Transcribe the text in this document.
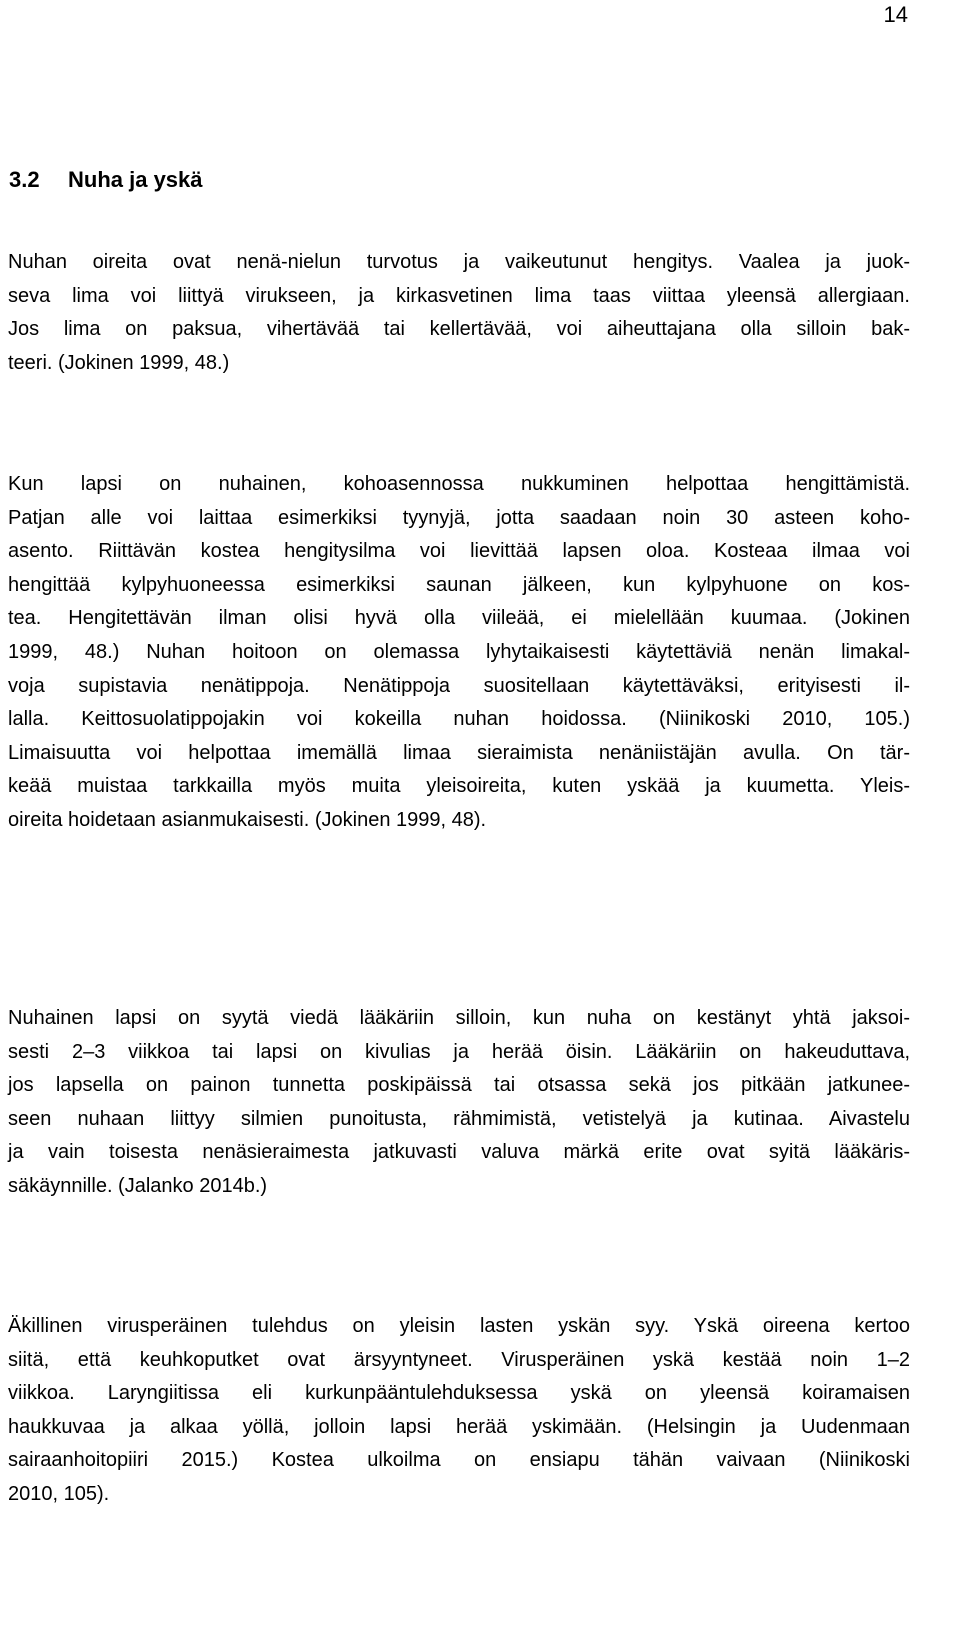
14
3.2 Nuha ja yskä
Nuhan oireita ovat nenä-nielun turvotus ja vaikeutunut hengitys. Vaalea ja juok-
seva lima voi liittyä virukseen, ja kirkasvetinen lima taas viittaa yleensä allergiaan.
Jos lima on paksua, vihertävää tai kellertävää, voi aiheuttajana olla silloin bak-
teeri. (Jokinen 1999, 48.)
Kun lapsi on nuhainen, kohoasennossa nukkuminen helpottaa hengittämistä.
Patjan alle voi laittaa esimerkiksi tyynyjä, jotta saadaan noin 30 asteen koho-
asento. Riittävän kostea hengitysilma voi lievittää lapsen oloa. Kosteaa ilmaa voi
hengittää kylpyhuoneessa esimerkiksi saunan jälkeen, kun kylpyhuone on kos-
tea. Hengitettävän ilman olisi hyvä olla viileää, ei mielellään kuumaa. (Jokinen
1999, 48.) Nuhan hoitoon on olemassa lyhytaikaisesti käytettäviä nenän limakal-
voja supistavia nenätippoja. Nenätippoja suositellaan käytettäväksi, erityisesti il-
lalla. Keittosuolatippojakin voi kokeilla nuhan hoidossa. (Niinikoski 2010, 105.)
Limaisuutta voi helpottaa imemällä limaa sieraimista nenäniistäjän avulla. On tär-
keää muistaa tarkkailla myös muita yleisoireita, kuten yskää ja kuumetta. Yleis-
oireita hoidetaan asianmukaisesti. (Jokinen 1999, 48).
Nuhainen lapsi on syytä viedä lääkäriin silloin, kun nuha on kestänyt yhtä jaksoi-
sesti 2–3 viikkoa tai lapsi on kivulias ja herää öisin. Lääkäriin on hakeuduttava,
jos lapsella on painon tunnetta poskipäissä tai otsassa sekä jos pitkään jatkunee-
seen nuhaan liittyy silmien punoitusta, rähmimistä, vetistelyä ja kutinaa. Aivastelu
ja vain toisesta nenäsieraimesta jatkuvasti valuva märkä erite ovat syitä lääkäris-
säkäynnille. (Jalanko 2014b.)
Äkillinen virusperäinen tulehdus on yleisin lasten yskän syy. Yskä oireena kertoo
siitä, että keuhkoputket ovat ärsyyntyneet. Virusperäinen yskä kestää noin 1–2
viikkoa. Laryngiitissa eli kurkunpääntulehduksessa yskä on yleensä koiramaisen
haukkuvaa ja alkaa yöllä, jolloin lapsi herää yskimään. (Helsingin ja Uudenmaan
sairaanhoitopiiri 2015.) Kostea ulkoilma on ensiapu tähän vaivaan (Niinikoski
2010, 105).
